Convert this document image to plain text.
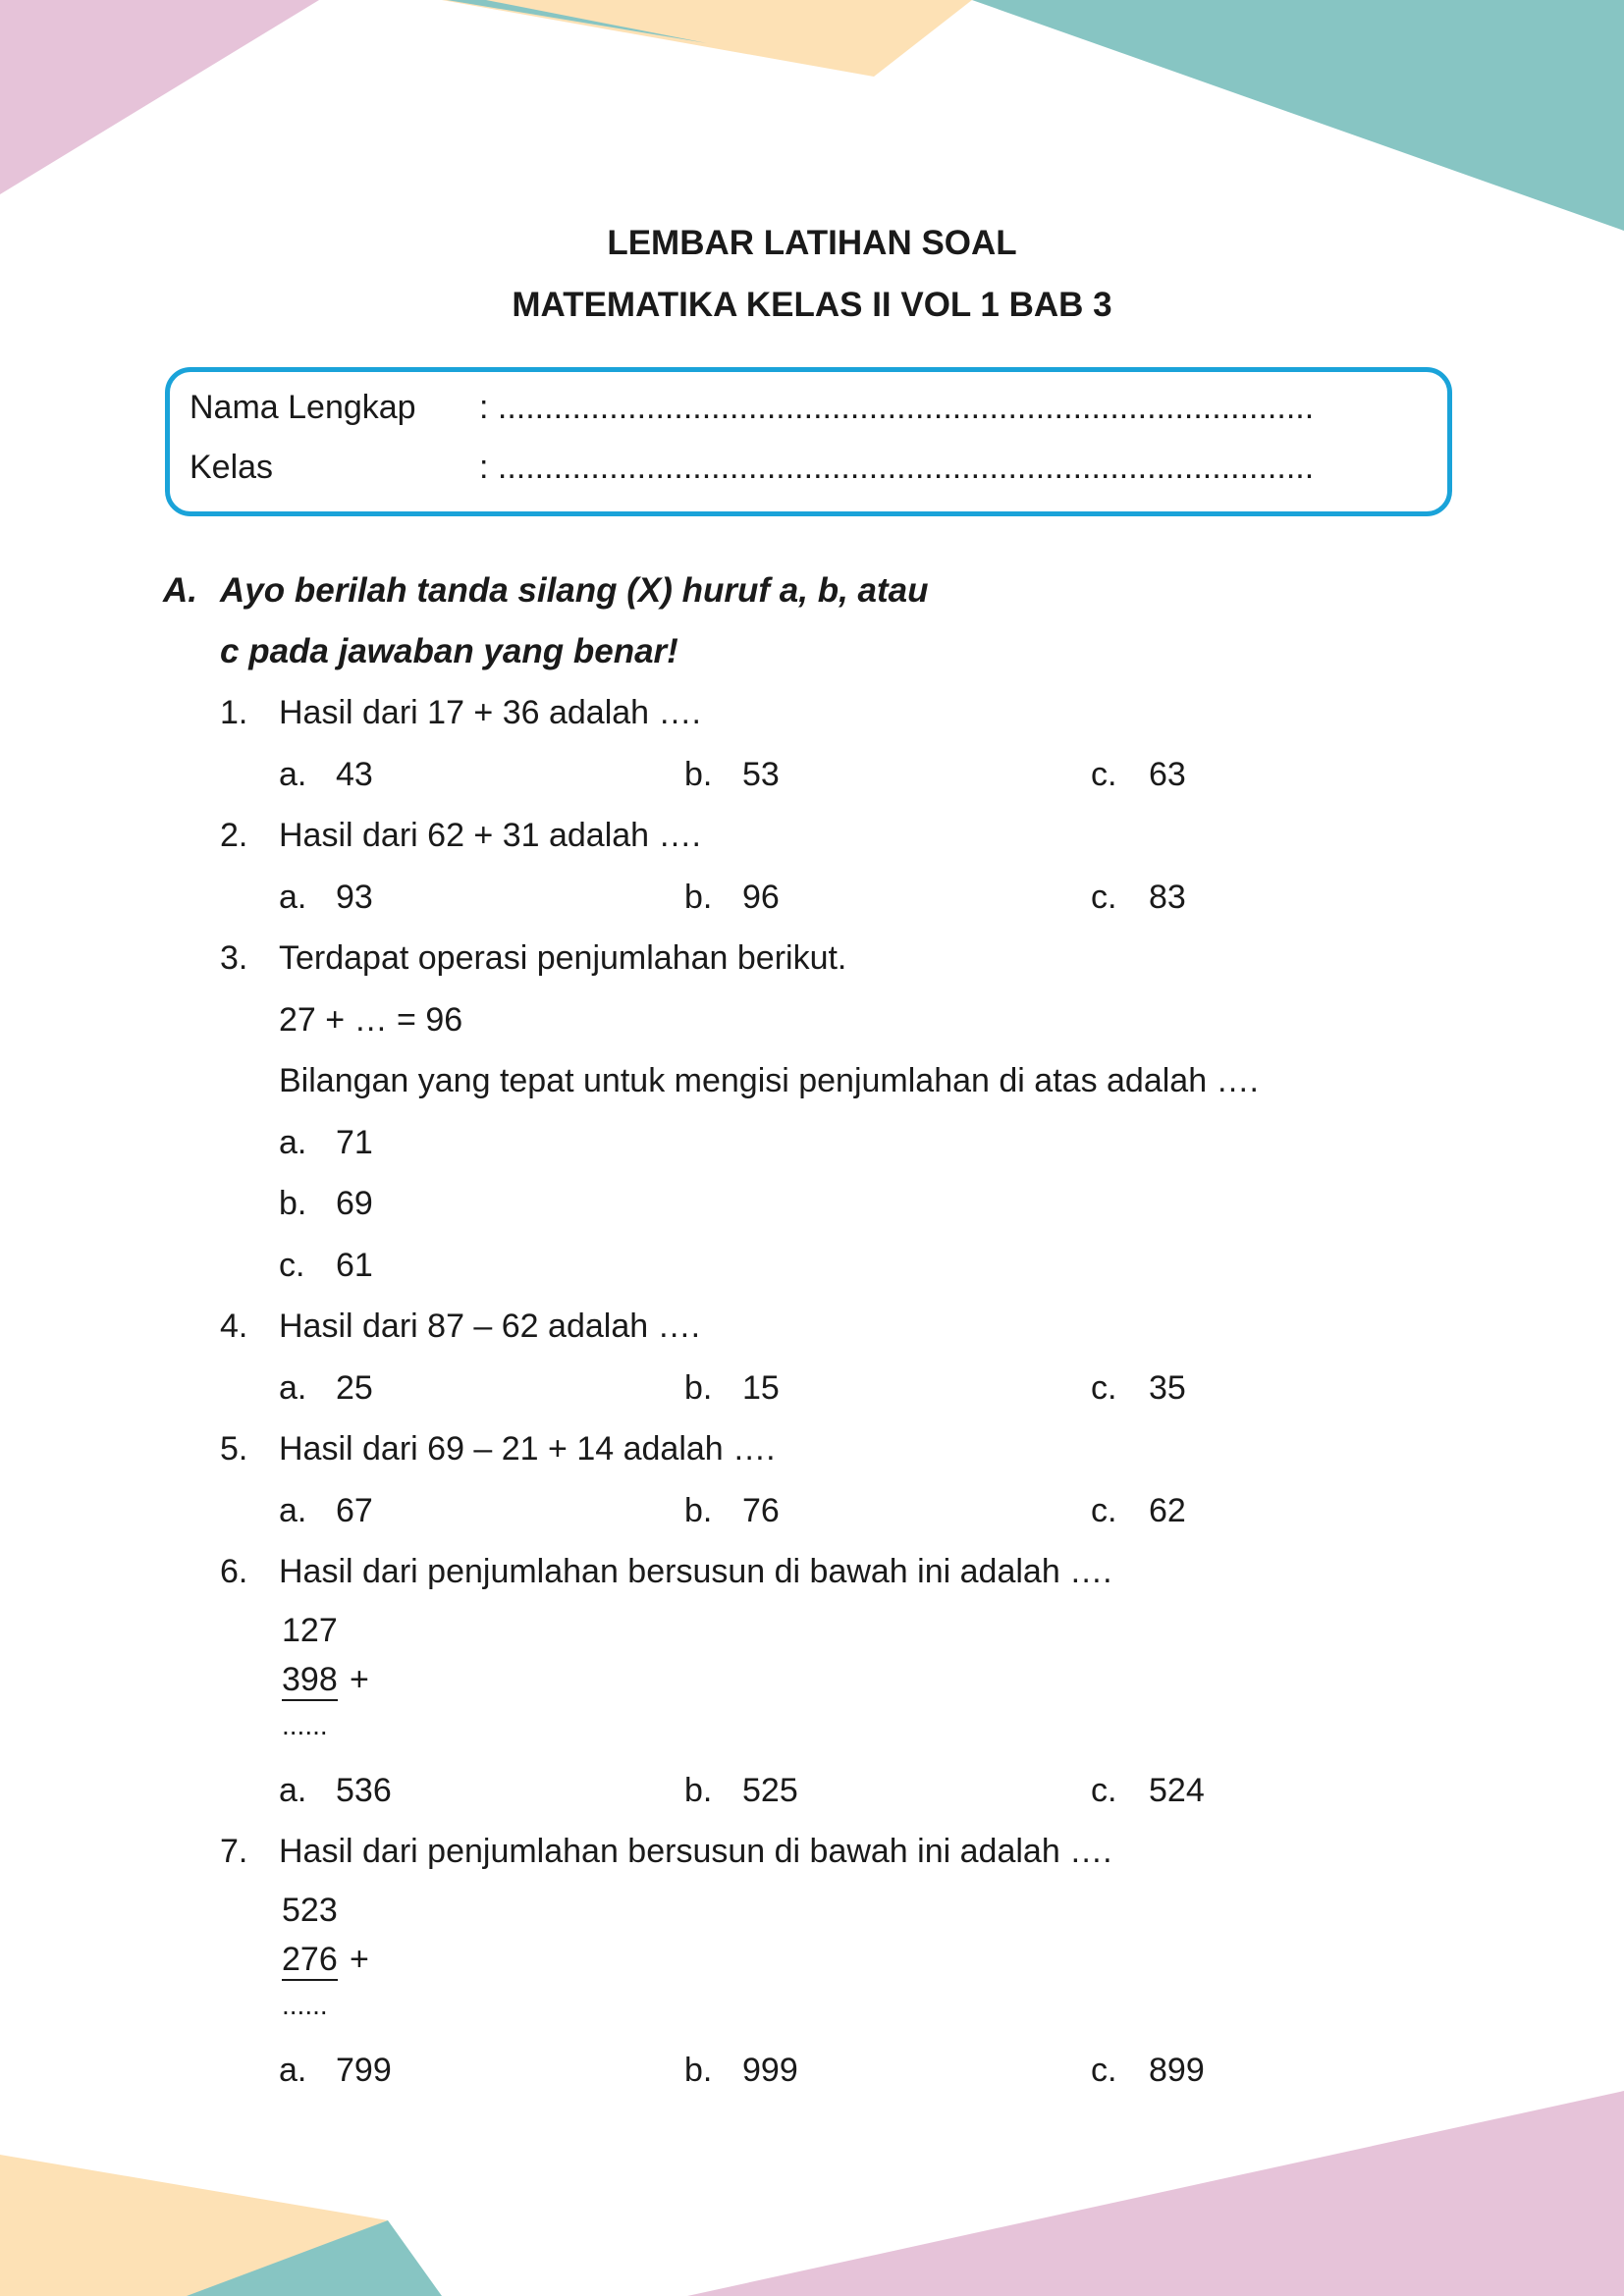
LEMBAR LATIHAN SOAL
MATEMATIKA KELAS II VOL 1 BAB 3
Nama Lengkap : ........................................................................................
Kelas	: ........................................................................................
A. Ayo berilah tanda silang (X) huruf a, b, atau
c pada jawaban yang benar!
1. Hasil dari 17 + 36 adalah ….
a. 43	b. 53	c. 63
2. Hasil dari 62 + 31 adalah ….
a. 93	b. 96	c. 83
3. Terdapat operasi penjumlahan berikut.
27 + … = 96
Bilangan yang tepat untuk mengisi penjumlahan di atas adalah ….
a. 71
b. 69
c. 61
4. Hasil dari 87 – 62 adalah ….
a. 25	b. 15	c. 35
5. Hasil dari 69 – 21 + 14 adalah ….
a. 67	b. 76	c. 62
6. Hasil dari penjumlahan bersusun di bawah ini adalah ….
127
398 +
......
a. 536	b. 525	c. 524
7. Hasil dari penjumlahan bersusun di bawah ini adalah ….
523
276 +
......
a. 799	b. 999	c. 899
